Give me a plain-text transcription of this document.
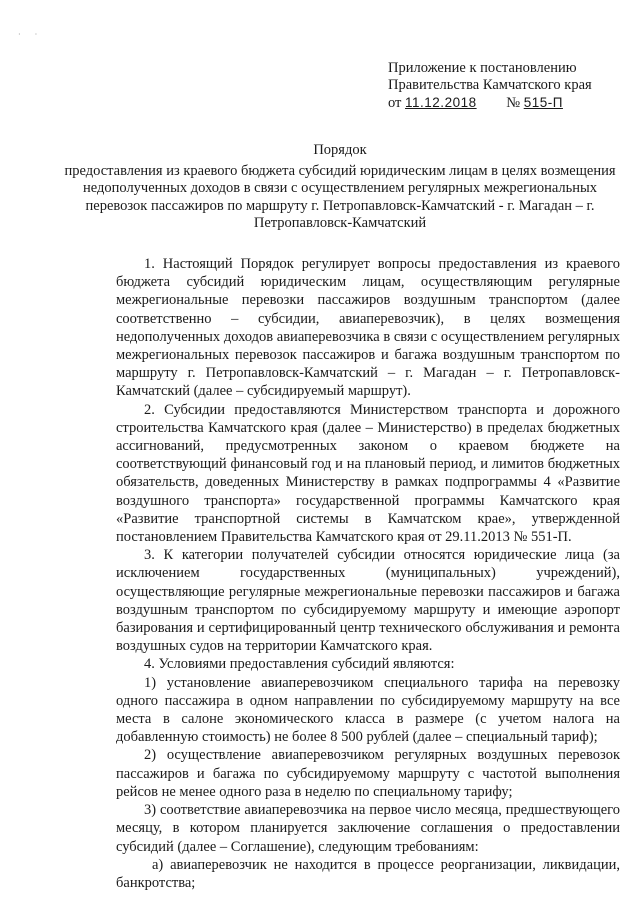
· ·
Приложение к постановлению
Правительства Камчатского края
от 11.12.2018 № 515-П
Порядок
предоставления из краевого бюджета субсидий юридическим лицам в целях возмещения недополученных доходов в связи с осуществлением регулярных межрегиональных перевозок пассажиров по маршруту г. Петропавловск-Камчатский - г. Магадан – г. Петропавловск-Камчатский

1. Настоящий Порядок регулирует вопросы предоставления из краевого бюджета субсидий юридическим лицам, осуществляющим регулярные межрегиональные перевозки пассажиров воздушным транспортом (далее соответственно – субсидии, авиаперевозчик), в целях возмещения недополученных доходов авиаперевозчика в связи с осуществлением регулярных межрегиональных перевозок пассажиров и багажа воздушным транспортом по маршруту г. Петропавловск-Камчатский – г. Магадан – г. Петропавловск-Камчатский (далее – субсидируемый маршрут).

2. Субсидии предоставляются Министерством транспорта и дорожного строительства Камчатского края (далее – Министерство) в пределах бюджетных ассигнований, предусмотренных законом о краевом бюджете на соответствующий финансовый год и на плановый период, и лимитов бюджетных обязательств, доведенных Министерству в рамках подпрограммы 4 «Развитие воздушного транспорта» государственной программы Камчатского края «Развитие транспортной системы в Камчатском крае», утвержденной постановлением Правительства Камчатского края от 29.11.2013 № 551-П.

3. К категории получателей субсидии относятся юридические лица (за исключением государственных (муниципальных) учреждений), осуществляющие регулярные межрегиональные перевозки пассажиров и багажа воздушным транспортом по субсидируемому маршруту и имеющие аэропорт базирования и сертифицированный центр технического обслуживания и ремонта воздушных судов на территории Камчатского края.

4. Условиями предоставления субсидий являются:

1) установление авиаперевозчиком специального тарифа на перевозку одного пассажира в одном направлении по субсидируемому маршруту на все места в салоне экономического класса в размере (с учетом налога на добавленную стоимость) не более 8 500 рублей (далее – специальный тариф);

2) осуществление авиаперевозчиком регулярных воздушных перевозок пассажиров и багажа по субсидируемому маршруту с частотой выполнения рейсов не менее одного раза в неделю по специальному тарифу;

3) соответствие авиаперевозчика на первое число месяца, предшествующего месяцу, в котором планируется заключение соглашения о предоставлении субсидий (далее – Соглашение), следующим требованиям:

а) авиаперевозчик не находится в процессе реорганизации, ликвидации, банкротства;
